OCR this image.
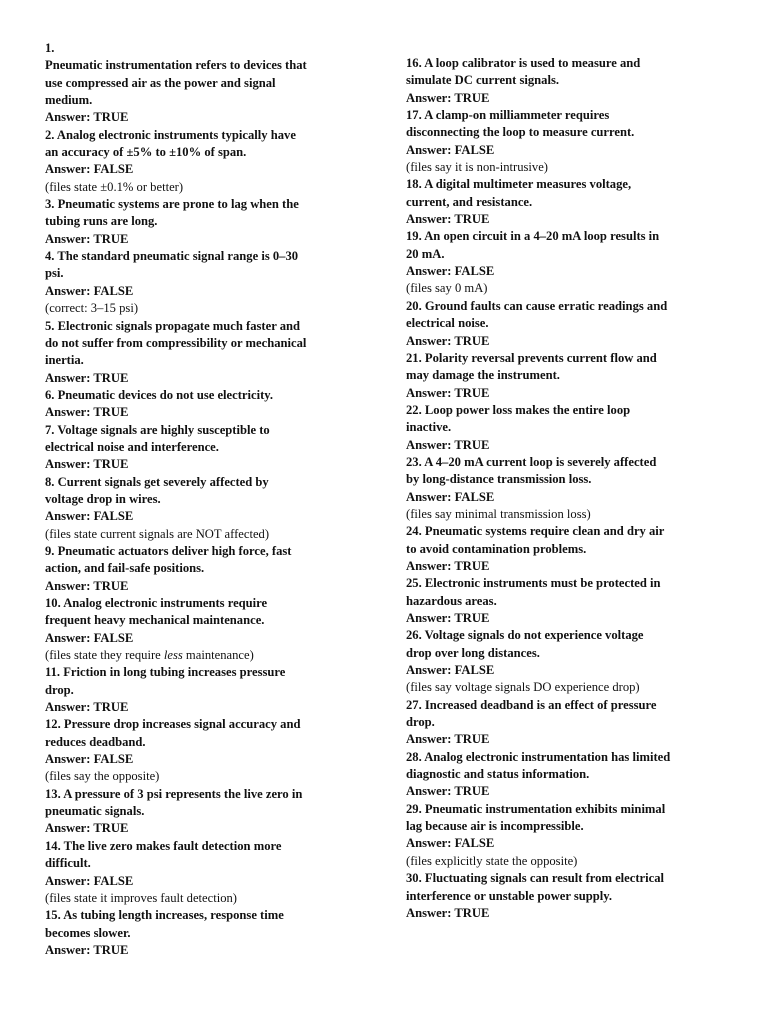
1.
Pneumatic instrumentation refers to devices that
use compressed air as the power and signal
medium.
Answer: TRUE
2. Analog electronic instruments typically have
an accuracy of ±5% to ±10% of span.
Answer: FALSE
(files state ±0.1% or better)
3. Pneumatic systems are prone to lag when the
tubing runs are long.
Answer: TRUE
4. The standard pneumatic signal range is 0–30
psi.
Answer: FALSE
(correct: 3–15 psi)
5. Electronic signals propagate much faster and
do not suffer from compressibility or mechanical
inertia.
Answer: TRUE
6. Pneumatic devices do not use electricity.
Answer: TRUE
7. Voltage signals are highly susceptible to
electrical noise and interference.
Answer: TRUE
8. Current signals get severely affected by
voltage drop in wires.
Answer: FALSE
(files state current signals are NOT affected)
9. Pneumatic actuators deliver high force, fast
action, and fail-safe positions.
Answer: TRUE
10. Analog electronic instruments require
frequent heavy mechanical maintenance.
Answer: FALSE
(files state they require less maintenance)
11. Friction in long tubing increases pressure
drop.
Answer: TRUE
12. Pressure drop increases signal accuracy and
reduces deadband.
Answer: FALSE
(files say the opposite)
13. A pressure of 3 psi represents the live zero in
pneumatic signals.
Answer: TRUE
14. The live zero makes fault detection more
difficult.
Answer: FALSE
(files state it improves fault detection)
15. As tubing length increases, response time
becomes slower.
Answer: TRUE
16. A loop calibrator is used to measure and
simulate DC current signals.
Answer: TRUE
17. A clamp-on milliammeter requires
disconnecting the loop to measure current.
Answer: FALSE
(files say it is non-intrusive)
18. A digital multimeter measures voltage,
current, and resistance.
Answer: TRUE
19. An open circuit in a 4–20 mA loop results in
20 mA.
Answer: FALSE
(files say 0 mA)
20. Ground faults can cause erratic readings and
electrical noise.
Answer: TRUE
21. Polarity reversal prevents current flow and
may damage the instrument.
Answer: TRUE
22. Loop power loss makes the entire loop
inactive.
Answer: TRUE
23. A 4–20 mA current loop is severely affected
by long-distance transmission loss.
Answer: FALSE
(files say minimal transmission loss)
24. Pneumatic systems require clean and dry air
to avoid contamination problems.
Answer: TRUE
25. Electronic instruments must be protected in
hazardous areas.
Answer: TRUE
26. Voltage signals do not experience voltage
drop over long distances.
Answer: FALSE
(files say voltage signals DO experience drop)
27. Increased deadband is an effect of pressure
drop.
Answer: TRUE
28. Analog electronic instrumentation has limited
diagnostic and status information.
Answer: TRUE
29. Pneumatic instrumentation exhibits minimal
lag because air is incompressible.
Answer: FALSE
(files explicitly state the opposite)
30. Fluctuating signals can result from electrical
interference or unstable power supply.
Answer: TRUE
